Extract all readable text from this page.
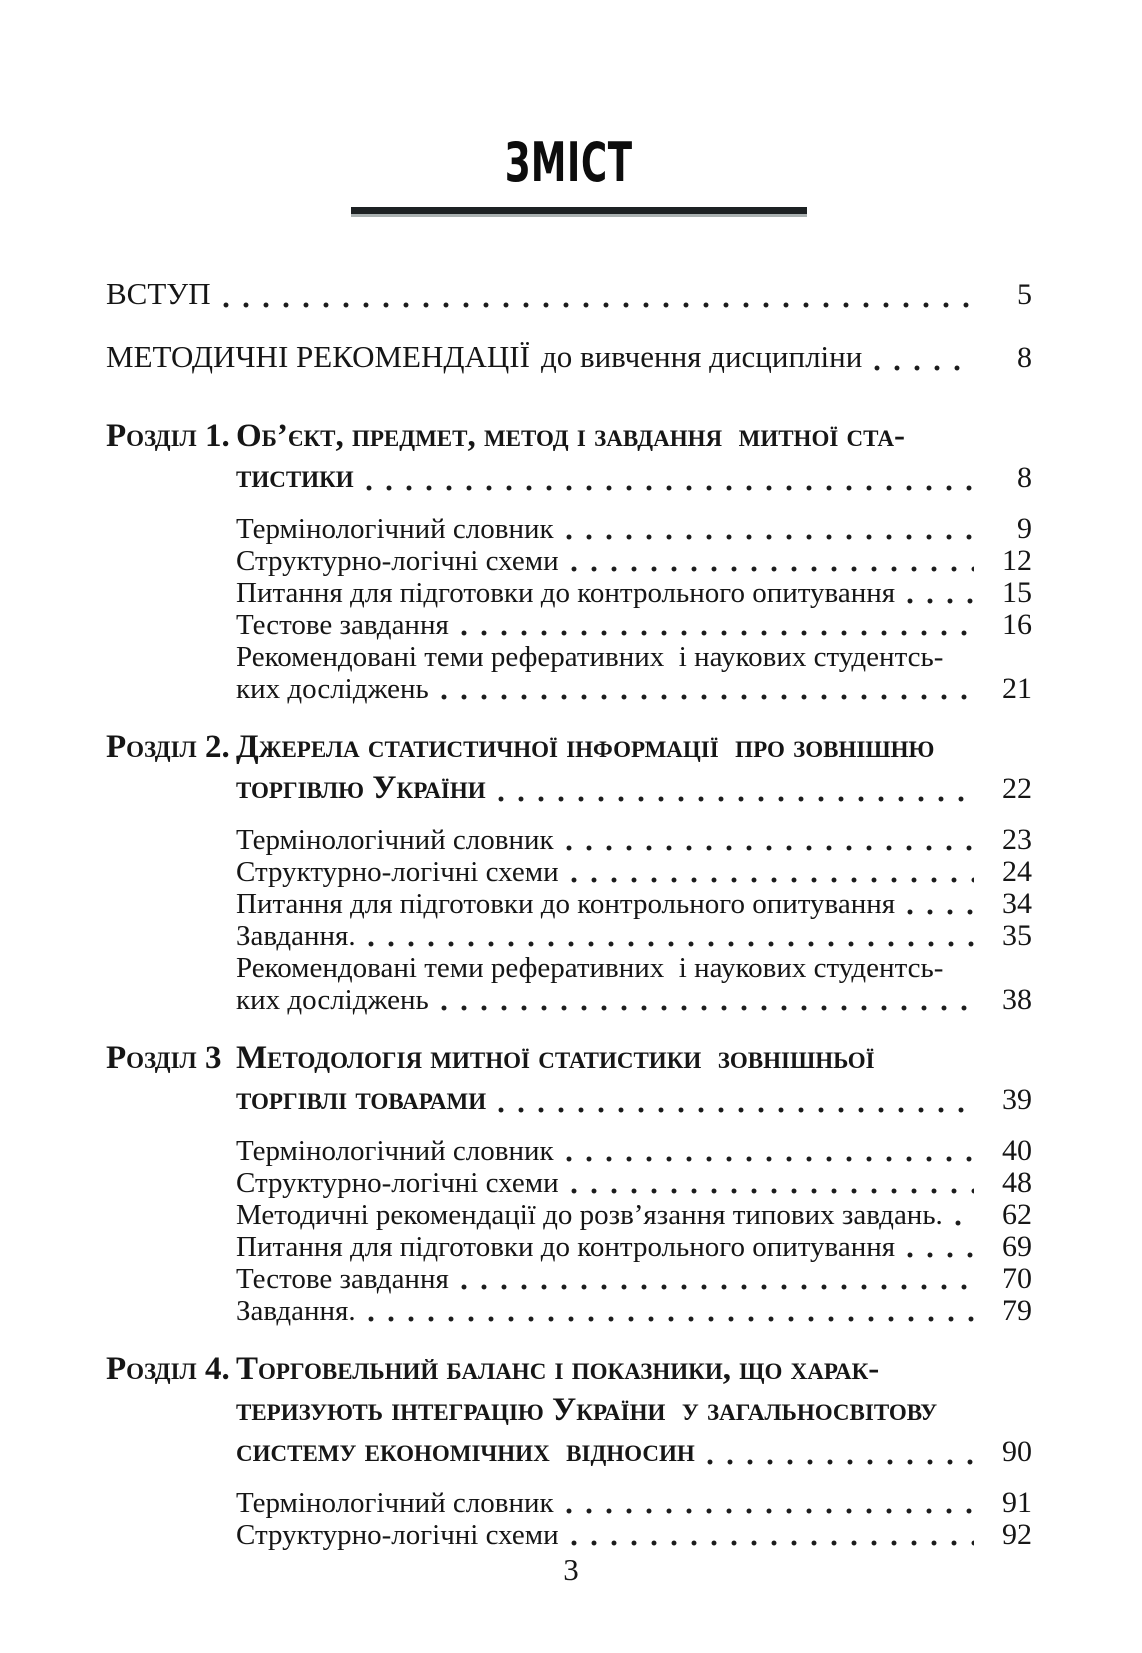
ЗМІСТ
ВСТУП	5
МЕТОДИЧНІ РЕКОМЕНДАЦІЇ до вивчення дисципліни	8
Розділ 1. Об’єкт, предмет, метод і завдання  митної ста-
тистики	8
Термінологічний словник	9
Структурно-логічні схеми	12
Питання для підготовки до контрольного опитування	15
Тестове завдання	16
Рекомендовані теми реферативних  і наукових студентсь-
ких досліджень	21
Розділ 2. Джерела статистичної інформації  про зовнішню
торгівлю України	22
Термінологічний словник	23
Структурно-логічні схеми	24
Питання для підготовки до контрольного опитування	34
Завдання.	35
Рекомендовані теми реферативних  і наукових студентсь-
ких досліджень	38
Розділ 3 Методологія митної статистики  зовнішньої
торгівлі товарами	39
Термінологічний словник	40
Структурно-логічні схеми	48
Методичні рекомендації до розв’язання типових завдань.	62
Питання для підготовки до контрольного опитування	69
Тестове завдання	70
Завдання.	79
Розділ 4. Торговельний баланс і показники, що харак-
теризують інтеграцію України  у загальносвітову
систему економічних  відносин	90
Термінологічний словник	91
Структурно-логічні схеми	92
3
